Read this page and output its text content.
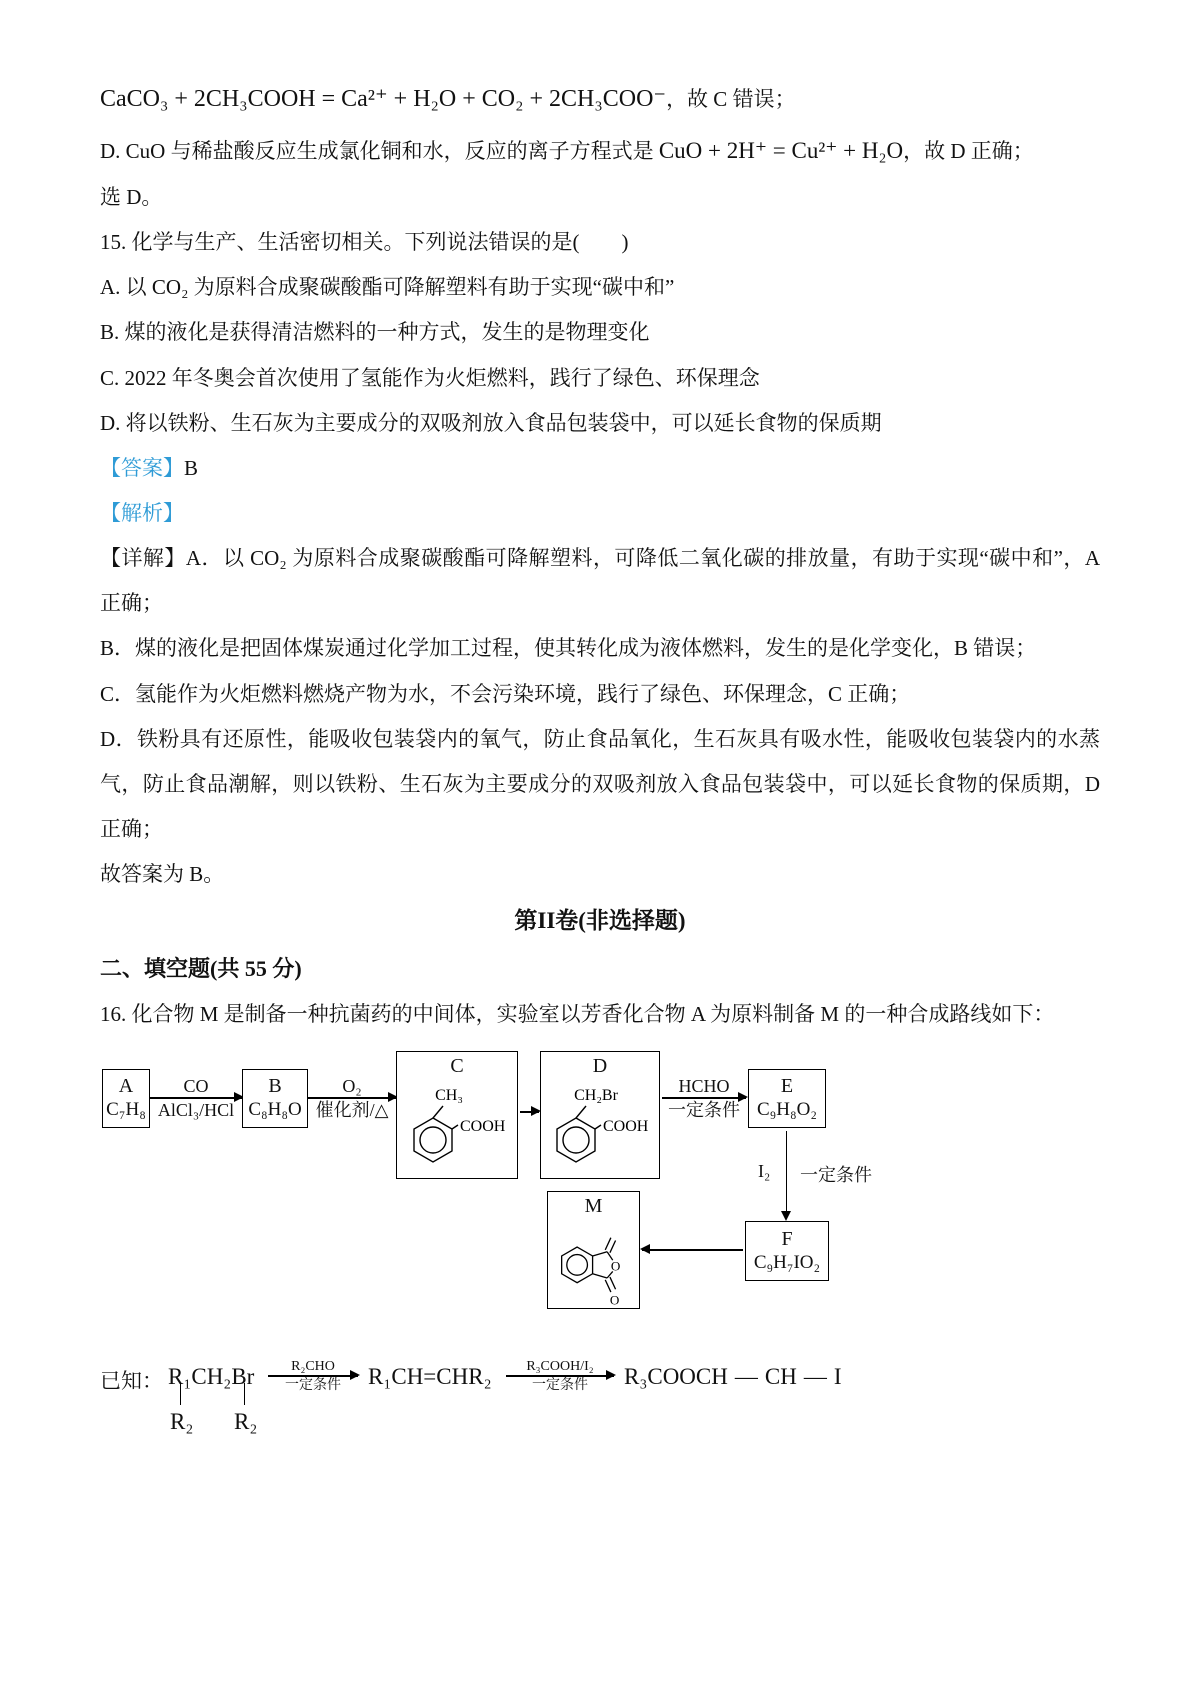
CaCO₃ + 2CH₃COOH = Ca²⁺ + H₂O + CO₂ + 2CH₃COO⁻，故 C 错误；

D. CuO 与稀盐酸反应生成氯化铜和水，反应的离子方程式是 CuO + 2H⁺ = Cu²⁺ + H₂O，故 D 正确；

选 D。

15. 化学与生产、生活密切相关。下列说法错误的是(　　)

A. 以 CO₂ 为原料合成聚碳酸酯可降解塑料有助于实现“碳中和”

B. 煤的液化是获得清洁燃料的一种方式，发生的是物理变化

C. 2022 年冬奥会首次使用了氢能作为火炬燃料，践行了绿色、环保理念

D. 将以铁粉、生石灰为主要成分的双吸剂放入食品包装袋中，可以延长食物的保质期

【答案】B

【解析】

【详解】A．以 CO₂ 为原料合成聚碳酸酯可降解塑料，可降低二氧化碳的排放量，有助于实现“碳中和”，A 正确；

B．煤的液化是把固体煤炭通过化学加工过程，使其转化成为液体燃料，发生的是化学变化，B 错误；

C．氢能作为火炬燃料燃烧产物为水，不会污染环境，践行了绿色、环保理念，C 正确；

D．铁粉具有还原性，能吸收包装袋内的氧气，防止食品氧化，生石灰具有吸水性，能吸收包装袋内的水蒸气，防止食品潮解，则以铁粉、生石灰为主要成分的双吸剂放入食品包装袋中，可以延长食物的保质期，D 正确；

故答案为 B。

第II卷(非选择题)
二、填空题(共 55 分)

16. 化合物 M 是制备一种抗菌药的中间体，实验室以芳香化合物 A 为原料制备 M 的一种合成路线如下：

A
C₇H₈
CO
AlCl₃/HCl
B
C₈H₈O
O₂
催化剂/△
C
CH₃
COOH
D
CH₂Br
COOH
HCHO
一定条件
E
C₉H₈O₂
I₂ 一定条件
F
C₉H₇IO₂
M
O
O
已知： R₁CH₂Br	R₂CHO
一定条件 R₁CH=CHR₂ R₃COOH/I₂
一定条件 R₃COOCH — CH — I
R₂ R₂
